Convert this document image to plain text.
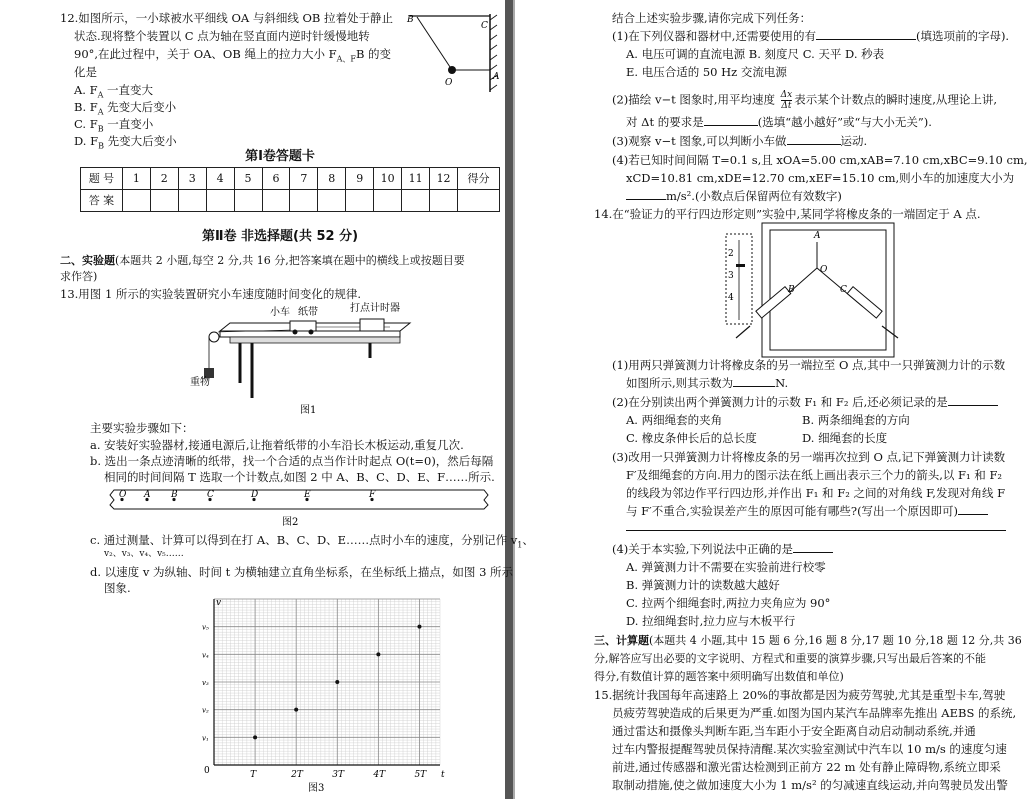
12.如图所示，一小球被水平细线 OA 与斜细线 OB 拉着处于静止
状态.现将整个装置以 C 点为轴在竖直面内逆时针缓慢地转
90°,在此过程中，关于 OA、OB 绳上的拉力大小 $F_{A、F}B$ 的变
化是
A. $F_A$ 一直变大
B. $F_A$ 先变大后变小
C. $F_B$ 一直变小
D. $F_B$ 先变大后变小
B
C
O
A
第Ⅰ卷答题卡
题 号	1	2	3	4	5	6	7	8	9	10	11	12	得分
答 案													
第Ⅱ卷 非选择题(共 52 分)
二、实验题(本题共 2 小题,每空 2 分,共 16 分,把答案填在题中的横线上或按题目要
求作答)
13.用图 1 所示的实验装置研究小车速度随时间变化的规律.
小车 纸带	打点计时器
重物
图1
主要实验步骤如下：
a. 安装好实验器材,接通电源后,让拖着纸带的小车沿长木板运动,重复几次.
b. 选出一条点迹清晰的纸带，找一个合适的点当作计时起点 O(t=0)，然后每隔
相同的时间间隔 T 选取一个计数点,如图 2 中 A、B、C、D、E、F……所示.
O A B	C	D	E	F
图2
c. 通过测量、计算可以得到在打 A、B、C、D、E……点时小车的速度，分别记作 $v_1$、
v₂、v₃、v₄、v₅……
d. 以速度 v 为纵轴、时间 t 为横轴建立直角坐标系，在坐标纸上描点，如图 3 所示
图象.
v
t
0	T	2T	3T	4T	5T
v₁
v₂
v₃
v₄
v₅
图3
结合上述实验步骤,请你完成下列任务：
(1)在下列仪器和器材中,还需要使用的有	(填选项前的字母).
A. 电压可调的直流电源 B. 刻度尺 C. 天平 D. 秒表
E. 电压合适的 50 Hz 交流电源
(2)描绘 v−t 图象时,用平均速度 $\frac{\Delta x}{\Delta t}$ 表示某个计数点的瞬时速度,从理论上讲,
对 Δt 的要求是	(选填“越小越好”或“与大小无关”).
(3)观察 v−t 图象,可以判断小车做	运动.
(4)若已知时间间隔 T=0.1 s,且 xOA=5.00 cm,xAB=7.10 cm,xBC=9.10 cm,
xCD=10.81 cm,xDE=12.70 cm,xEF=15.10 cm,则小车的加速度大小为
m/s².(小数点后保留两位有效数字)
14.在“验证力的平行四边形定则”实验中,某同学将橡皮条的一端固定于 A 点.
A
O
B	C
2
3
4
(1)用两只弹簧测力计将橡皮条的另一端拉至 O 点,其中一只弹簧测力计的示数
如图所示,则其示数为	N.
(2)在分别读出两个弹簧测力计的示数 F₁ 和 F₂ 后,还必须记录的是
A. 两细绳套的夹角	B. 两条细绳套的方向
C. 橡皮条伸长后的总长度	D. 细绳套的长度
(3)改用一只弹簧测力计将橡皮条的另一端再次拉到 O 点,记下弹簧测力计读数
F′及细绳套的方向.用力的图示法在纸上画出表示三个力的箭头,以 F₁ 和 F₂
的线段为邻边作平行四边形,并作出 F₁ 和 F₂ 之间的对角线 F,发现对角线 F
与 F′不重合,实验误差产生的原因可能有哪些?(写出一个原因即可)
(4)关于本实验,下列说法中正确的是
A. 弹簧测力计不需要在实验前进行校零
B. 弹簧测力计的读数越大越好
C. 拉两个细绳套时,两拉力夹角应为 90°
D. 拉细绳套时,拉力应与木板平行
三、计算题(本题共 4 小题,其中 15 题 6 分,16 题 8 分,17 题 10 分,18 题 12 分,共 36
分,解答应写出必要的文字说明、方程式和重要的演算步骤,只写出最后答案的不能
得分,有数值计算的题答案中须明确写出数值和单位)
15.据统计我国每年高速路上 20%的事故都是因为疲劳驾驶,尤其是重型卡车,驾驶
员疲劳驾驶造成的后果更为严重.如图为国内某汽车品牌率先推出 AEBS 的系统,
通过雷达和摄像头判断车距,当车距小于安全距离自动启动制动系统,并通
过车内警报提醒驾驶员保持清醒.某次实验室测试中汽车以 10 m/s 的速度匀速
前进,通过传感器和激光雷达检测到正前方 22 m 处有静止障碍物,系统立即采
取制动措施,使之做加速度大小为 1 m/s² 的匀减速直线运动,并向驾驶员发出警
